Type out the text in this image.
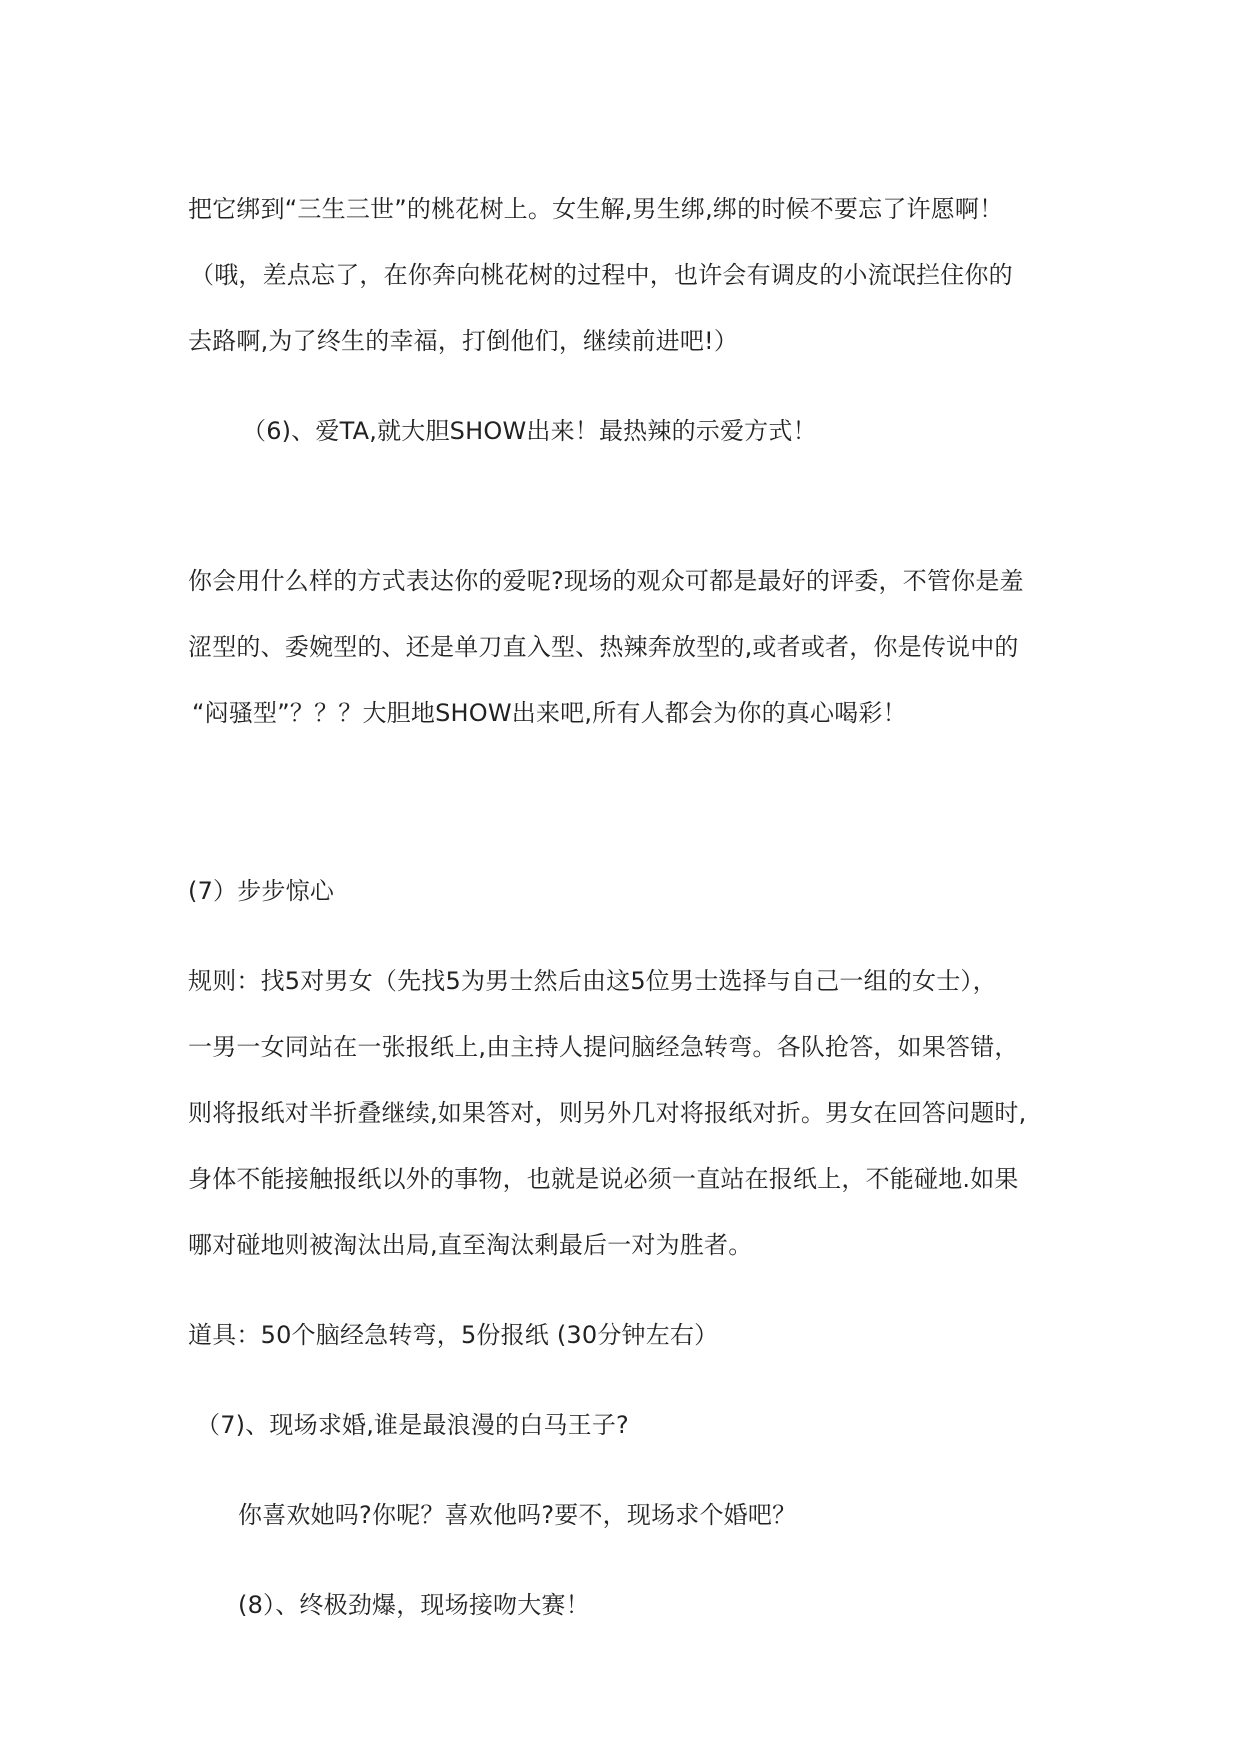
把它绑到“三生三世”的桃花树上。女生解,男生绑,绑的时候不要忘了许愿啊！

（哦，差点忘了，在你奔向桃花树的过程中，也许会有调皮的小流氓拦住你的

去路啊,为了终生的幸福，打倒他们，继续前进吧!）

（6)、爱TA,就大胆SHOW出来！最热辣的示爱方式！

你会用什么样的方式表达你的爱呢?现场的观众可都是最好的评委，不管你是羞

涩型的、委婉型的、还是单刀直入型、热辣奔放型的,或者或者，你是传说中的

“闷骚型”？？？大胆地SHOW出来吧,所有人都会为你的真心喝彩！

(7）步步惊心

规则：找5对男女（先找5为男士然后由这5位男士选择与自己一组的女士），

一男一女同站在一张报纸上,由主持人提问脑经急转弯。各队抢答，如果答错，

则将报纸对半折叠继续,如果答对，则另外几对将报纸对折。男女在回答问题时,

身体不能接触报纸以外的事物，也就是说必须一直站在报纸上，不能碰地.如果

哪对碰地则被淘汰出局,直至淘汰剩最后一对为胜者。

道具：50个脑经急转弯，5份报纸 (30分钟左右）

（7)、现场求婚,谁是最浪漫的白马王子?

你喜欢她吗?你呢？喜欢他吗?要不，现场求个婚吧？

(8）、终极劲爆，现场接吻大赛！
